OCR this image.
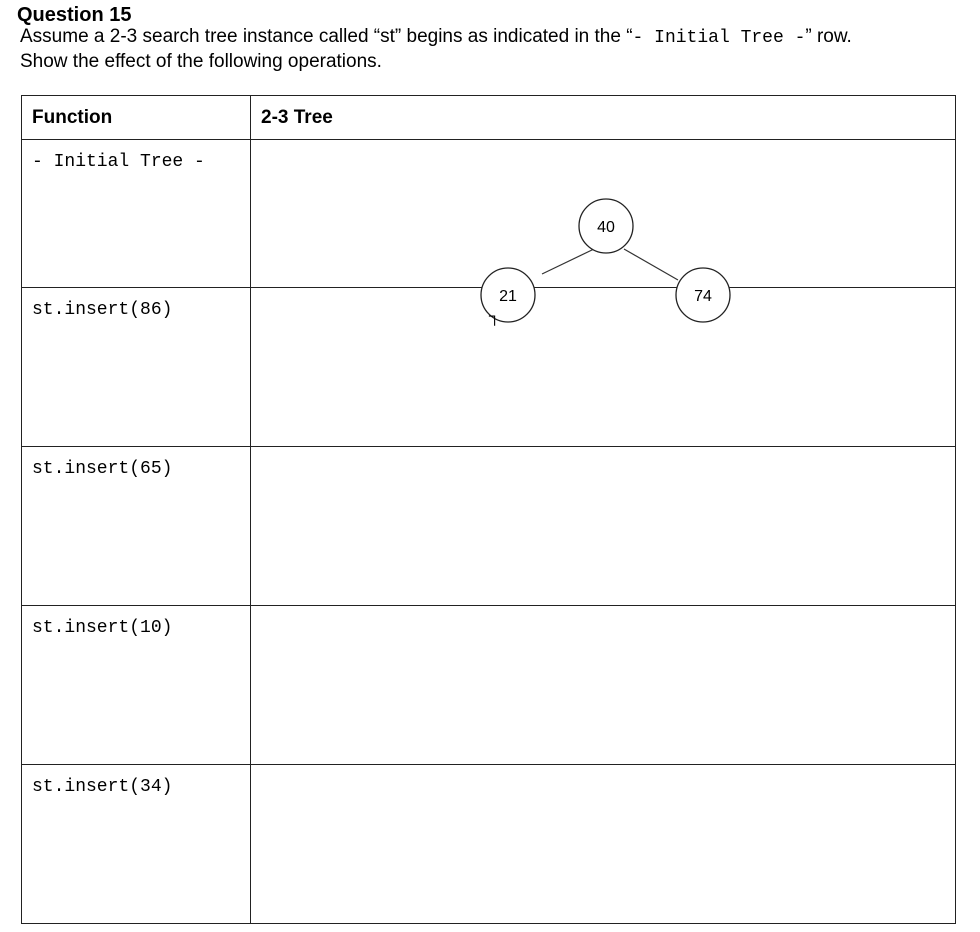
Question 15

Assume a 2-3 search tree instance called “st” begins as indicated in the “- Initial Tree -” row.
Show the effect of the following operations.

Function	2-3 Tree
- Initial Tree -	40
21 74

st.insert(86)	┐

st.insert(65)	
st.insert(10)	
st.insert(34)	
